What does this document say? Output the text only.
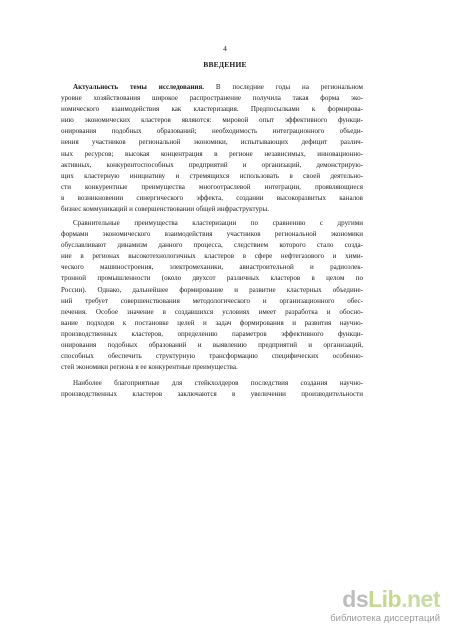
4
ВВЕДЕНИЕ
Актуальность темы исследования. В последние годы на региональном
уровне хозяйствования широкое распространение получила такая форма эко-
номического взаимодействия как кластеризация. Предпосылками к формирова-
нию экономических кластеров являются: мировой опыт эффективного функци-
онирования подобных образований; необходимость интеграционного объеди-
нения участников региональной экономики, испытывающих дефицит различ-
ных ресурсов; высокая концентрация в регионе независимых, инновационно-
активных, конкурентоспособных предприятий и организаций, демонстрирую-
щих кластерную инициативу и стремящихся использовать в своей деятельно-
сти конкурентные преимущества многоотраслевой интеграции, проявляющиеся
в возникновении синергического эффекта, создании высокоразвитых каналов
бизнес коммуникаций и совершенствовании общей инфраструктуры.
Сравнительные преимущества кластеризации по сравнению с другими
формами экономического взаимодействия участников региональной экономики
обуславливают динамизм данного процесса, следствием которого стало созда-
ние в регионах высокотехнологичных кластеров в сфере нефтегазового и хими-
ческого машиностроения, электромеханики, авиастроительной и радиоэлек-
тронной промышленности (около двухсот различных кластеров в целом по
России). Однако, дальнейшее формирование и развитие кластерных объедине-
ний требует совершенствования методологического и организационного обес-
печения. Особое значение в создавшихся условиях имеет разработка и обосно-
вание подходов к постановке целей и задач формирования и развития научно-
производственных кластеров, определению параметров эффективного функци-
онирования подобных образований и выявлению предприятий и организаций,
способных обеспечить структурную трансформацию специфических особенно-
стей экономики региона в ее конкурентные преимущества.
Наиболее благоприятные для стейкхолдеров последствия создания научно-
производственных кластеров заключаются в увеличении производительности
dsLib.net
библиотека диссертаций
